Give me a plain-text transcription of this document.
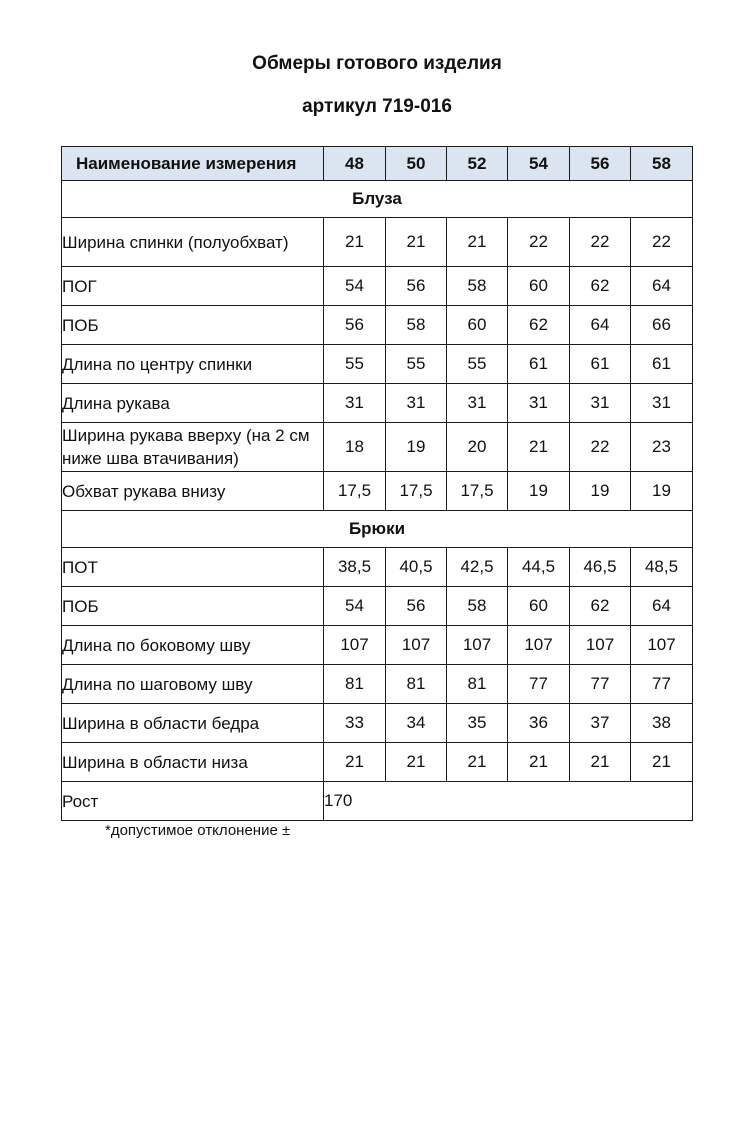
Обмеры готового изделия
артикул 719-016
Наименование измерения	48	50	52	54	56	58
Блуза						
Ширина спинки (полуобхват)	21	21	21	22	22	22
ПОГ	54	56	58	60	62	64
ПОБ	56	58	60	62	64	66
Длина по центру спинки	55	55	55	61	61	61
Длина рукава	31	31	31	31	31	31
Ширина рукава вверху (на 2 см ниже шва втачивания)	18	19	20	21	22	23
Обхват рукава внизу	17,5	17,5	17,5	19	19	19
Брюки						
ПОТ	38,5	40,5	42,5	44,5	46,5	48,5
ПОБ	54	56	58	60	62	64
Длина по боковому шву	107	107	107	107	107	107
Длина по шаговому шву	81	81	81	77	77	77
Ширина в области бедра	33	34	35	36	37	38
Ширина в области низа	21	21	21	21	21	21
Рост	170					
*допустимое отклонение ±
